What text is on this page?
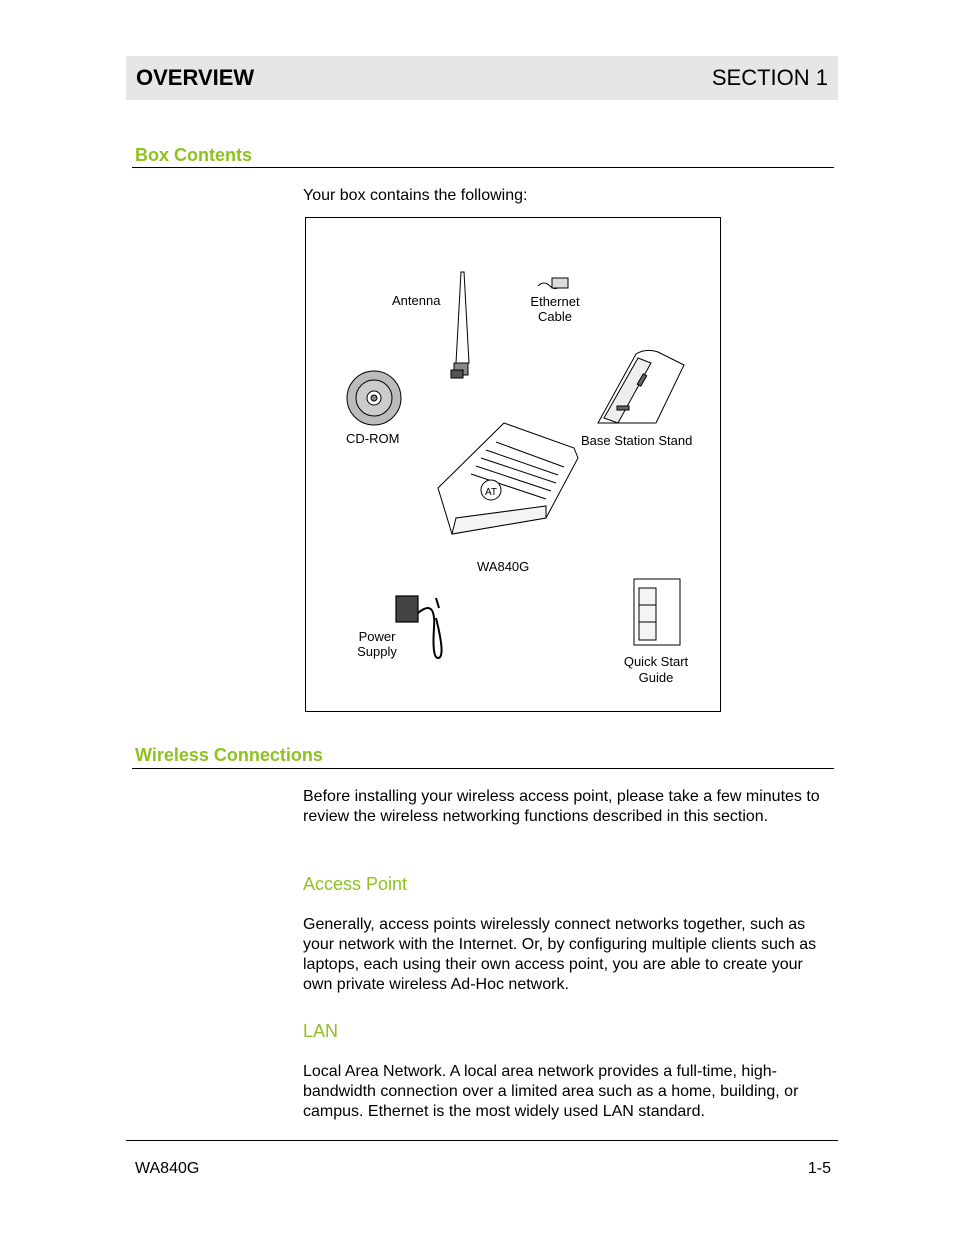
OVERVIEW	SECTION 1
Box Contents
Your box contains the following:
AT
Antenna	Ethernet
Cable
CD-ROM	Base Station Stand
WA840G
Power
Supply
Quick Start
Guide
Wireless Connections
Before installing your wireless access point, please take a few minutes to review the wireless networking functions described in this section.
Access Point
Generally, access points wirelessly connect networks together, such as your network with the Internet. Or, by configuring multiple clients such as laptops, each using their own access point, you are able to create your own private wireless Ad-Hoc network.
LAN
Local Area Network. A local area network provides a full-time, high-bandwidth connection over a limited area such as a home, building, or campus. Ethernet is the most widely used LAN standard.
WA840G	1-5
